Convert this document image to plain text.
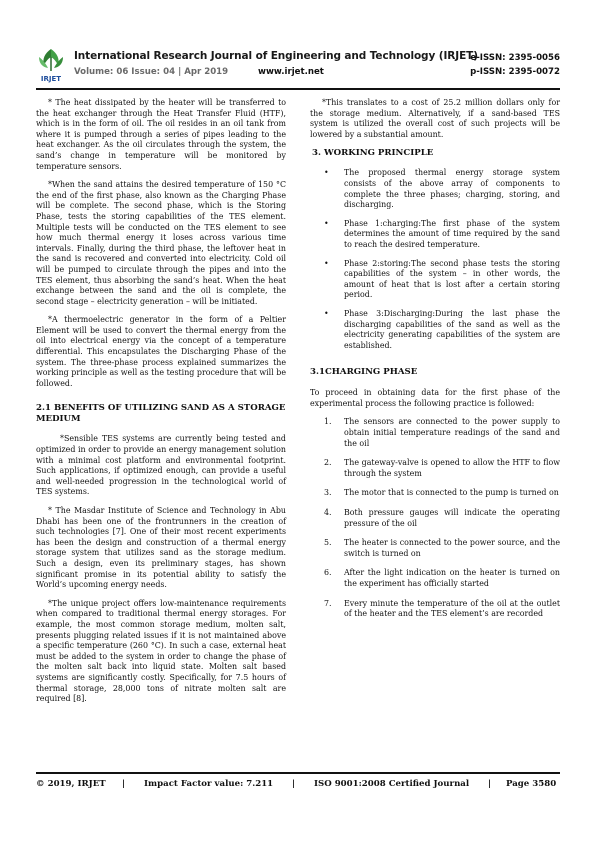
IRJET
International Research Journal of Engineering and Technology (IRJET)
Volume: 06 Issue: 04 | Apr 2019	www.irjet.net
e-ISSN: 2395-0056
p-ISSN: 2395-0072

* The heat dissipated by the heater will be transferred to the heat exchanger through the Heat Transfer Fluid (HTF), which is in the form of oil. The oil resides in an oil tank from where it is pumped through a series of pipes leading to the heat exchanger. As the oil circulates through the system, the sand’s change in temperature will be monitored by temperature sensors.

*When the sand attains the desired temperature of 150 °C the end of the first phase, also known as the Charging Phase will be complete. The second phase, which is the Storing Phase, tests the storing capabilities of the TES element. Multiple tests will be conducted on the TES element to see how much thermal energy it loses across various time intervals. Finally, during the third phase, the leftover heat in the sand is recovered and converted into electricity. Cold oil will be pumped to circulate through the pipes and into the TES element, thus absorbing the sand’s heat. When the heat exchange between the sand and the oil is complete, the second stage – electricity generation – will be initiated.

*A thermoelectric generator in the form of a Peltier Element will be used to convert the thermal energy from the oil into electrical energy via the concept of a temperature differential. This encapsulates the Discharging Phase of the system. The three-phase process explained summarizes the working principle as well as the testing procedure that will be followed.

2.1 BENEFITS OF UTILIZING SAND AS A STORAGE MEDIUM

*Sensible TES systems are currently being tested and optimized in order to provide an energy management solution with a minimal cost platform and environmental footprint. Such applications, if optimized enough, can provide a useful and well-needed progression in the technological world of TES systems.

* The Masdar Institute of Science and Technology in Abu Dhabi has been one of the frontrunners in the creation of such technologies [7]. One of their most recent experiments has been the design and construction of a thermal energy storage system that utilizes sand as the storage medium. Such a design, even its preliminary stages, has shown significant promise in its potential ability to satisfy the World’s upcoming energy needs.

*The unique project offers low-maintenance requirements when compared to traditional thermal energy storages. For example, the most common storage medium, molten salt, presents plugging related issues if it is not maintained above a specific temperature (260 °C). In such a case, external heat must be added to the system in order to change the phase of the molten salt back into liquid state. Molten salt based systems are significantly costly. Specifically, for 7.5 hours of thermal storage, 28,000 tons of nitrate molten salt are required [8].

*This translates to a cost of 25.2 million dollars only for the storage medium. Alternatively, if a sand-based TES system is utilized the overall cost of such projects will be lowered by a substantial amount.

3. WORKING PRINCIPLE
• The proposed thermal energy storage system consists of the above array of components to complete the three phases; charging, storing, and discharging.
• Phase 1:charging:The first phase of the system determines the amount of time required by the sand to reach the desired temperature.
• Phase 2:storing:The second phase tests the storing capabilities of the system – in other words, the amount of heat that is lost after a certain storing period.
• Phase 3:Discharging:During the last phase the discharging capabilities of the sand as well as the electricity generating capabilities of the system are established.
3.1CHARGING PHASE

To proceed in obtaining data for the first phase of the experimental process the following practice is followed:

1. The sensors are connected to the power supply to obtain initial temperature readings of the sand and the oil
2. The gateway-valve is opened to allow the HTF to flow through the system
3. The motor that is connected to the pump is turned on
4. Both pressure gauges will indicate the operating pressure of the oil
5. The heater is connected to the power source, and the switch is turned on
6. After the light indication on the heater is turned on the experiment has officially started
7. Every minute the temperature of the oil at the outlet of the heater and the TES element’s are recorded
© 2019, IRJET | Impact Factor value: 7.211 | ISO 9001:2008 Certified Journal | Page 3580
